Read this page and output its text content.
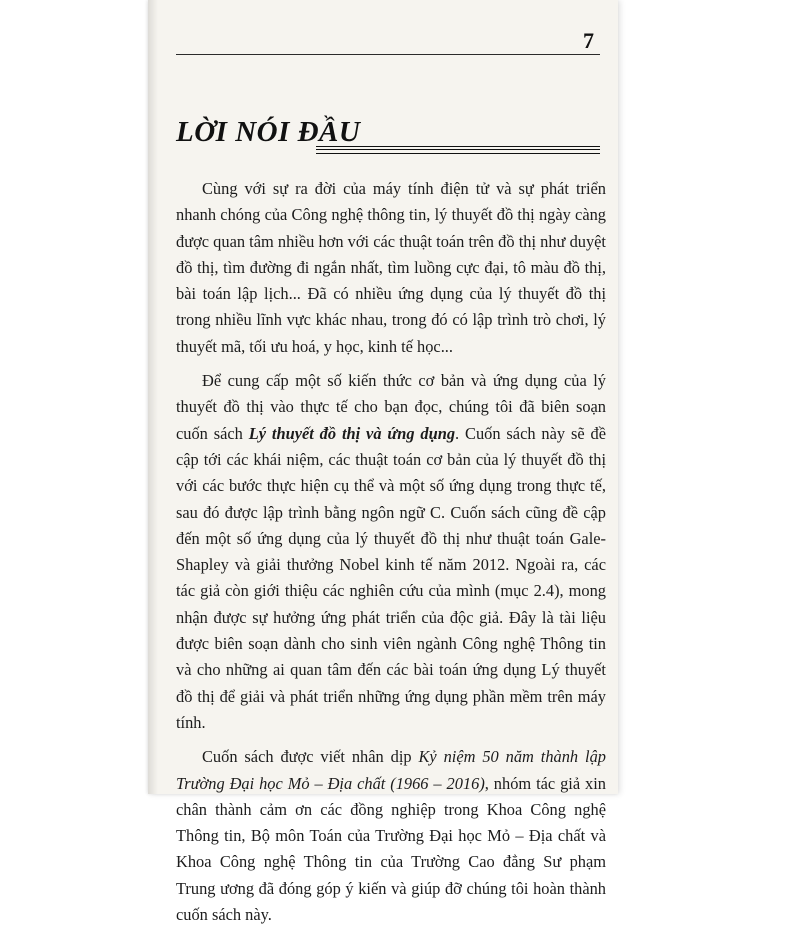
7
LỜI NÓI ĐẦU

Cùng với sự ra đời của máy tính điện tử và sự phát triển nhanh chóng của Công nghệ thông tin, lý thuyết đồ thị ngày càng được quan tâm nhiều hơn với các thuật toán trên đồ thị như duyệt đồ thị, tìm đường đi ngắn nhất, tìm luồng cực đại, tô màu đồ thị, bài toán lập lịch... Đã có nhiều ứng dụng của lý thuyết đồ thị trong nhiều lĩnh vực khác nhau, trong đó có lập trình trò chơi, lý thuyết mã, tối ưu hoá, y học, kinh tế học...

Để cung cấp một số kiến thức cơ bản và ứng dụng của lý thuyết đồ thị vào thực tế cho bạn đọc, chúng tôi đã biên soạn cuốn sách Lý thuyết đồ thị và ứng dụng. Cuốn sách này sẽ đề cập tới các khái niệm, các thuật toán cơ bản của lý thuyết đồ thị với các bước thực hiện cụ thể và một số ứng dụng trong thực tế, sau đó được lập trình bằng ngôn ngữ C. Cuốn sách cũng đề cập đến một số ứng dụng của lý thuyết đồ thị như thuật toán Gale-Shapley và giải thưởng Nobel kinh tế năm 2012. Ngoài ra, các tác giả còn giới thiệu các nghiên cứu của mình (mục 2.4), mong nhận được sự hưởng ứng phát triển của độc giả. Đây là tài liệu được biên soạn dành cho sinh viên ngành Công nghệ Thông tin và cho những ai quan tâm đến các bài toán ứng dụng Lý thuyết đồ thị để giải và phát triển những ứng dụng phần mềm trên máy tính.

Cuốn sách được viết nhân dịp Kỷ niệm 50 năm thành lập Trường Đại học Mỏ – Địa chất (1966 – 2016), nhóm tác giả xin chân thành cảm ơn các đồng nghiệp trong Khoa Công nghệ Thông tin, Bộ môn Toán của Trường Đại học Mỏ – Địa chất và Khoa Công nghệ Thông tin của Trường Cao đẳng Sư phạm Trung ương đã đóng góp ý kiến và giúp đỡ chúng tôi hoàn thành cuốn sách này.
